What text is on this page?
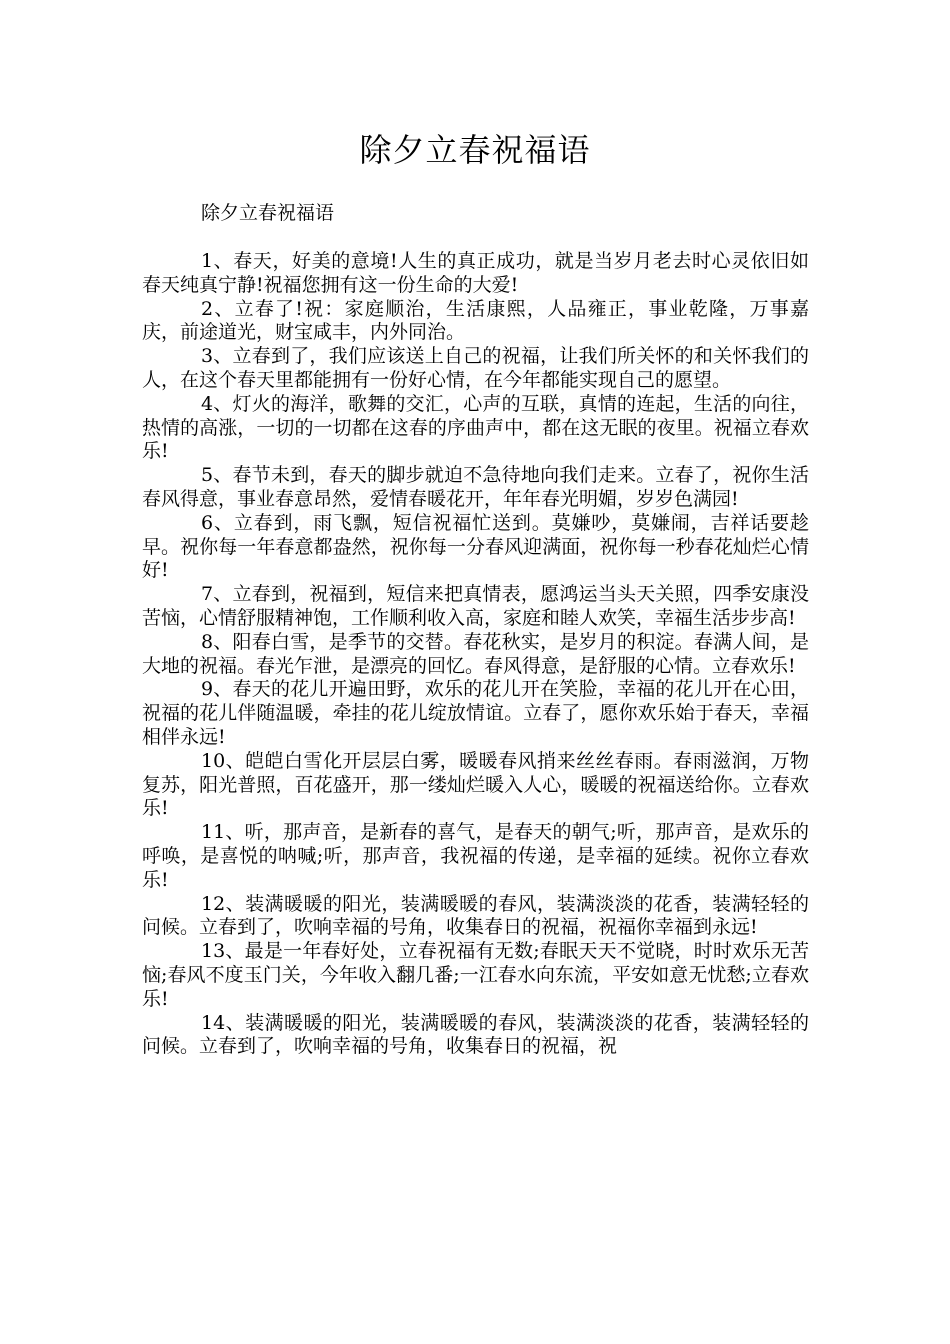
除夕立春祝福语
除夕立春祝福语

1、春天，好美的意境!人生的真正成功，就是当岁月老去时心灵依旧如春天纯真宁静!祝福您拥有这一份生命的大爱!

2、立春了!祝：家庭顺治，生活康熙，人品雍正，事业乾隆，万事嘉庆，前途道光，财宝咸丰，内外同治。

3、立春到了，我们应该送上自己的祝福，让我们所关怀的和关怀我们的人，在这个春天里都能拥有一份好心情，在今年都能实现自己的愿望。

4、灯火的海洋，歌舞的交汇，心声的互联，真情的连起，生活的向往，热情的高涨，一切的一切都在这春的序曲声中，都在这无眠的夜里。祝福立春欢乐!

5、春节未到，春天的脚步就迫不急待地向我们走来。立春了，祝你生活春风得意，事业春意昂然，爱情春暖花开，年年春光明媚，岁岁色满园!

6、立春到，雨飞飘，短信祝福忙送到。莫嫌吵，莫嫌闹，吉祥话要趁早。祝你每一年春意都盎然，祝你每一分春风迎满面，祝你每一秒春花灿烂心情好!

7、立春到，祝福到，短信来把真情表，愿鸿运当头天关照，四季安康没苦恼，心情舒服精神饱，工作顺利收入高，家庭和睦人欢笑，幸福生活步步高!

8、阳春白雪，是季节的交替。春花秋实，是岁月的积淀。春满人间，是大地的祝福。春光乍泄，是漂亮的回忆。春风得意，是舒服的心情。立春欢乐!

9、春天的花儿开遍田野，欢乐的花儿开在笑脸，幸福的花儿开在心田，祝福的花儿伴随温暖，牵挂的花儿绽放情谊。立春了，愿你欢乐始于春天，幸福相伴永远!

10、皑皑白雪化开层层白雾，暖暖春风捎来丝丝春雨。春雨滋润，万物复苏，阳光普照，百花盛开，那一缕灿烂暖入人心，暖暖的祝福送给你。立春欢乐!

11、听，那声音，是新春的喜气，是春天的朝气;听，那声音，是欢乐的呼唤，是喜悦的呐喊;听，那声音，我祝福的传递，是幸福的延续。祝你立春欢乐!

12、装满暖暖的阳光，装满暖暖的春风，装满淡淡的花香，装满轻轻的问候。立春到了，吹响幸福的号角，收集春日的祝福，祝福你幸福到永远!

13、最是一年春好处，立春祝福有无数;春眠天天不觉晓，时时欢乐无苦恼;春风不度玉门关，今年收入翻几番;一江春水向东流，平安如意无忧愁;立春欢乐!

14、装满暖暖的阳光，装满暖暖的春风，装满淡淡的花香，装满轻轻的问候。立春到了，吹响幸福的号角，收集春日的祝福，祝
